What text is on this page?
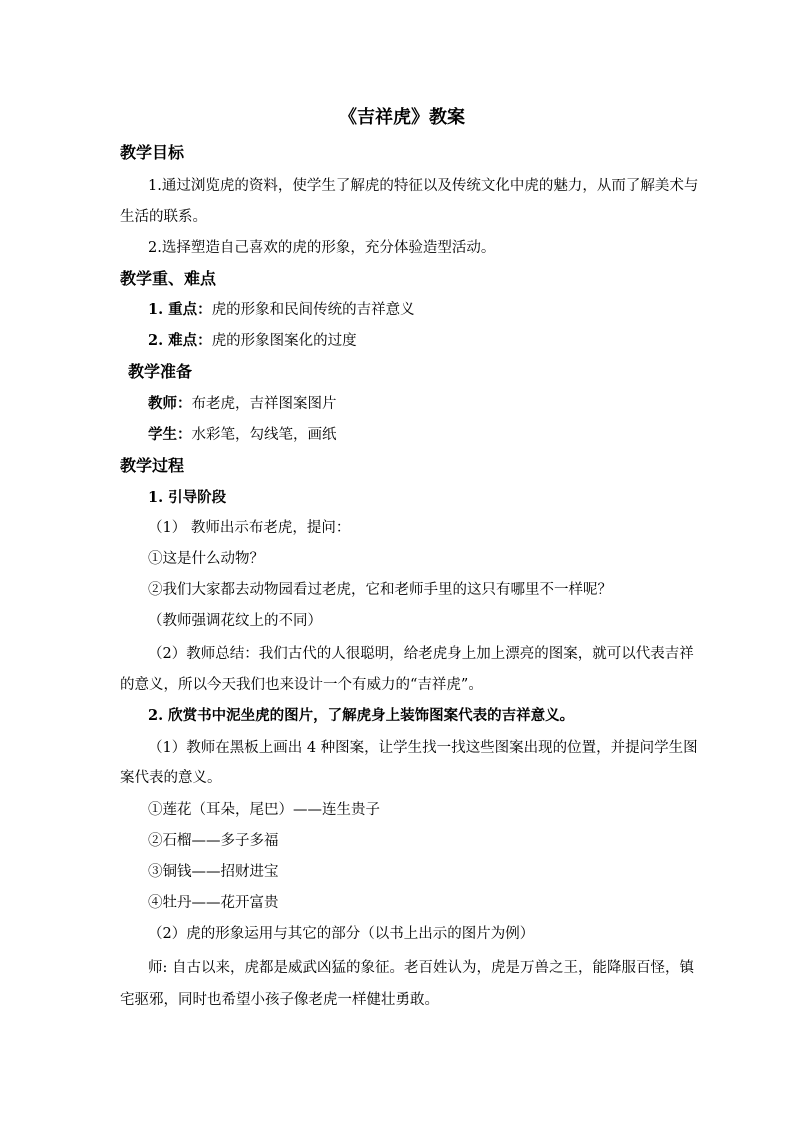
《吉祥虎》教案
教学目标
1.通过浏览虎的资料，使学生了解虎的特征以及传统文化中虎的魅力，从而了解美术与
生活的联系。
2.选择塑造自己喜欢的虎的形象，充分体验造型活动。
教学重、难点
1. 重点：虎的形象和民间传统的吉祥意义
2. 难点：虎的形象图案化的过度
教学准备
教师：布老虎，吉祥图案图片
学生：水彩笔，勾线笔，画纸
教学过程
1. 引导阶段
（1） 教师出示布老虎，提问：
①这是什么动物？
②我们大家都去动物园看过老虎，它和老师手里的这只有哪里不一样呢？
（教师强调花纹上的不同）
（2）教师总结：我们古代的人很聪明，给老虎身上加上漂亮的图案，就可以代表吉祥
的意义，所以今天我们也来设计一个有威力的“吉祥虎”。
2. 欣赏书中泥坐虎的图片，了解虎身上装饰图案代表的吉祥意义。
（1）教师在黑板上画出 4 种图案，让学生找一找这些图案出现的位置，并提问学生图
案代表的意义。
①莲花（耳朵，尾巴）——连生贵子
②石榴——多子多福
③铜钱——招财进宝
④牡丹——花开富贵
（2）虎的形象运用与其它的部分（以书上出示的图片为例）
师: 自古以来，虎都是威武凶猛的象征。老百姓认为，虎是万兽之王，能降服百怪，镇
宅驱邪，同时也希望小孩子像老虎一样健壮勇敢。
